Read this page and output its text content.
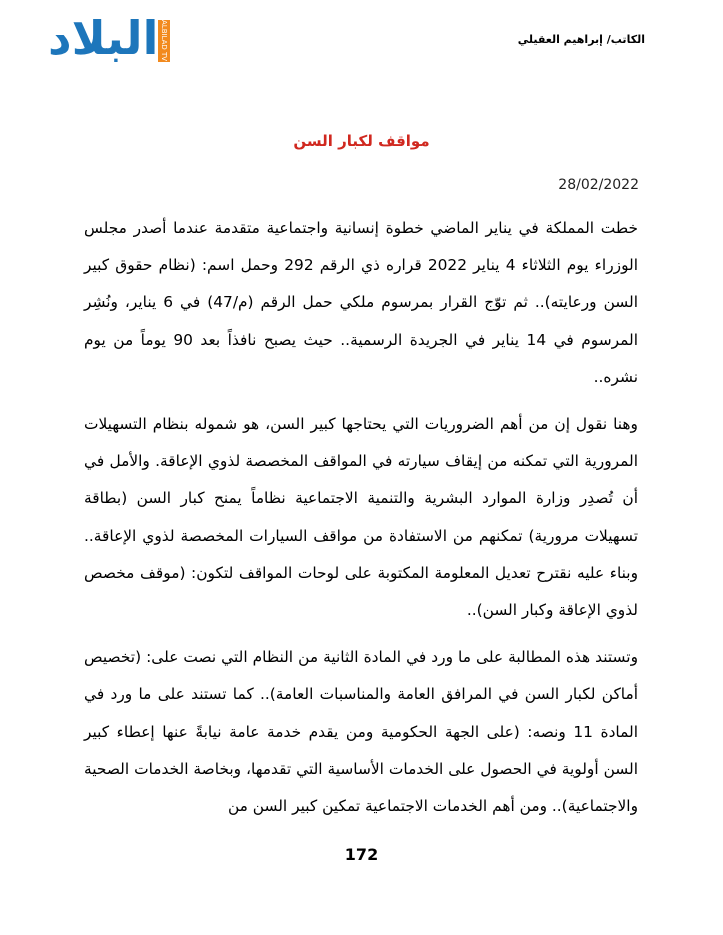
البلاد ALBILAD TV	الكاتب/ إبراهيم العقيلي
مواقف لكبار السن
28/02/2022

خطت المملكة في يناير الماضي خطوة إنسانية واجتماعية متقدمة عندما أصدر مجلس الوزراء يوم الثلاثاء 4 يناير 2022 قراره ذي الرقم 292 وحمل اسم: (نظام حقوق كبير السن ورعايته).. ثم توّج القرار بمرسوم ملكي حمل الرقم (م/47) في 6 يناير، ونُشِر المرسوم في 14 يناير في الجريدة الرسمية.. حيث يصبح نافذاً بعد 90 يوماً من يوم نشره..

وهنا نقول إن من أهم الضروريات التي يحتاجها كبير السن، هو شموله بنظام التسهيلات المرورية التي تمكنه من إيقاف سيارته في المواقف المخصصة لذوي الإعاقة. والأمل في أن تُصدِر وزارة الموارد البشرية والتنمية الاجتماعية نظاماً يمنح كبار السن (بطاقة تسهيلات مرورية) تمكنهم من الاستفادة من مواقف السيارات المخصصة لذوي الإعاقة.. وبناء عليه نقترح تعديل المعلومة المكتوبة على لوحات المواقف لتكون: (موقف مخصص لذوي الإعاقة وكبار السن)..

وتستند هذه المطالبة على ما ورد في المادة الثانية من النظام التي نصت على: (تخصيص أماكن لكبار السن في المرافق العامة والمناسبات العامة).. كما تستند على ما ورد في المادة 11 ونصه: (على الجهة الحكومية ومن يقدم خدمة عامة نيابةً عنها إعطاء كبير السن أولوية في الحصول على الخدمات الأساسية التي تقدمها، وبخاصة الخدمات الصحية والاجتماعية).. ومن أهم الخدمات الاجتماعية تمكين كبير السن من

172
